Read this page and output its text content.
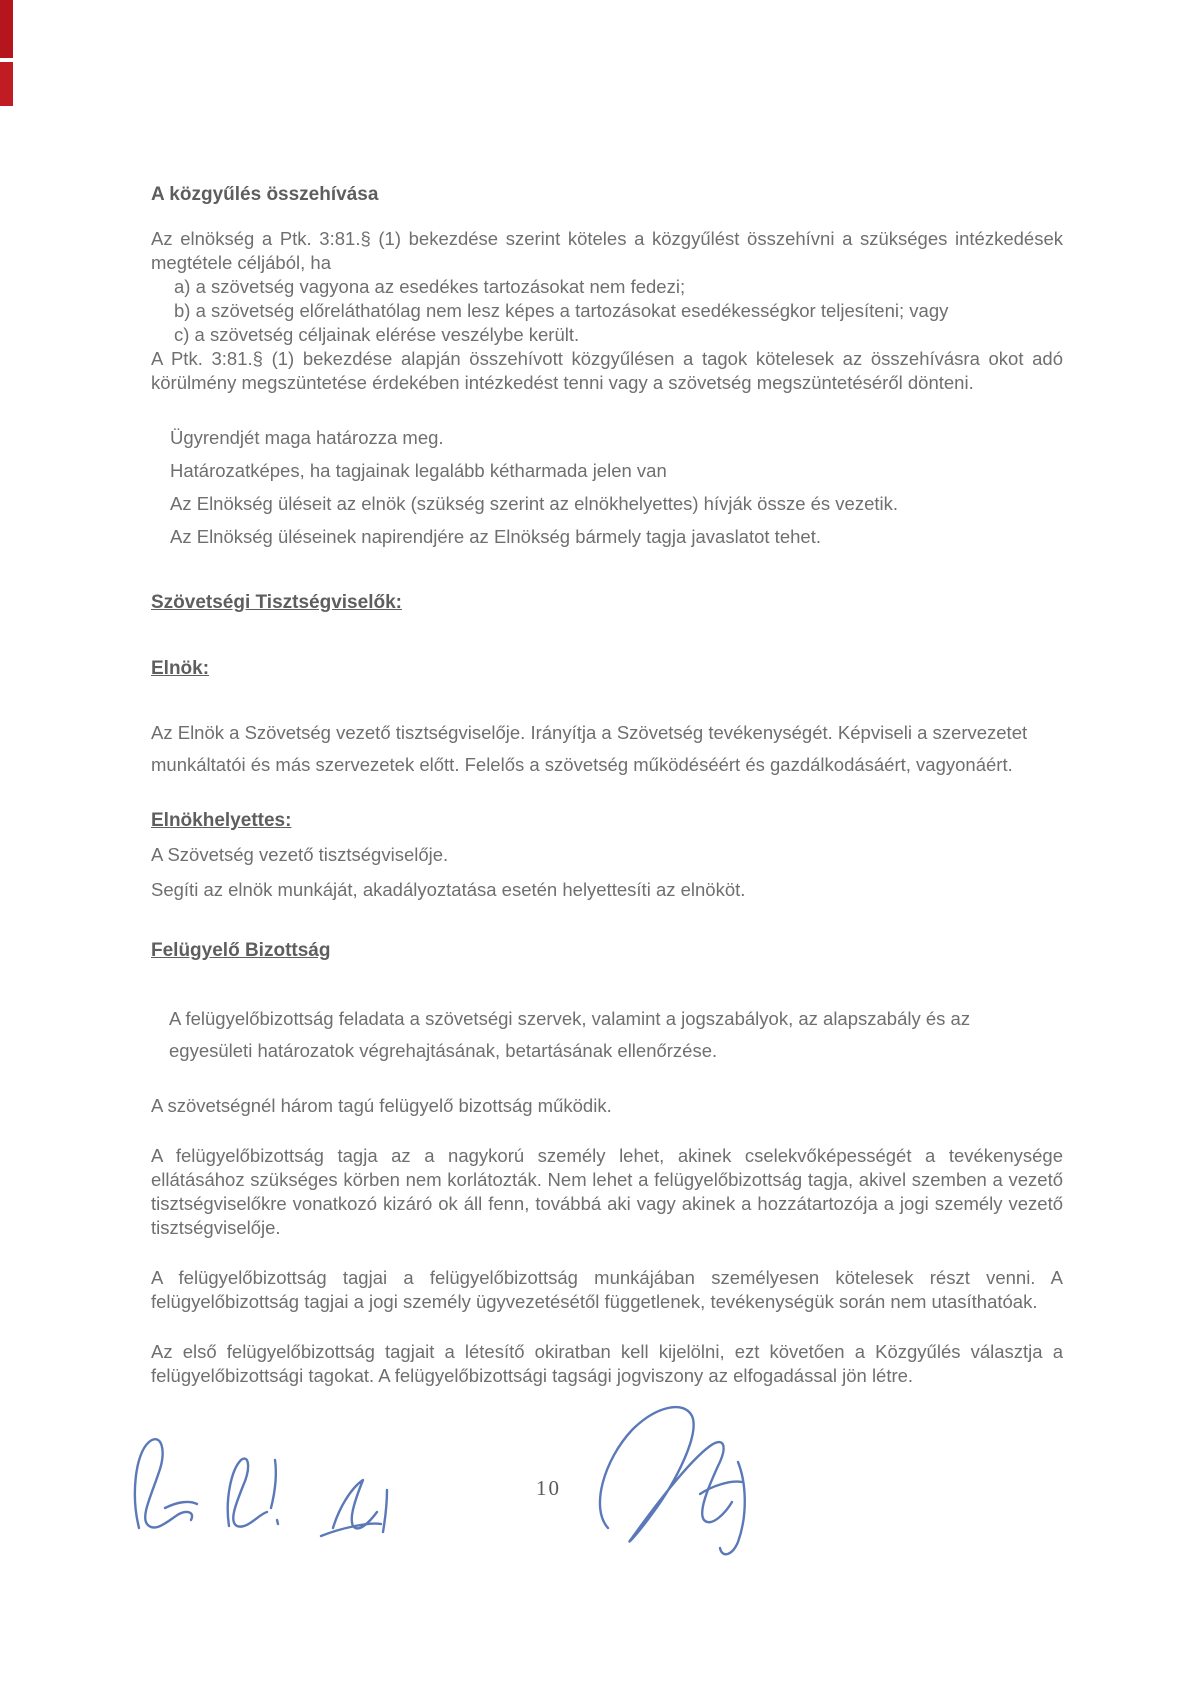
A közgyűlés összehívása

Az elnökség a Ptk. 3:81.§ (1) bekezdése szerint köteles a közgyűlést összehívni a szükséges intézkedések megtétele céljából, ha

a) a szövetség vagyona az esedékes tartozásokat nem fedezi;
b) a szövetség előreláthatólag nem lesz képes a tartozásokat esedékességkor teljesíteni; vagy
c) a szövetség céljainak elérése veszélybe került.

A Ptk. 3:81.§ (1) bekezdése alapján összehívott közgyűlésen a tagok kötelesek az összehívásra okot adó körülmény megszüntetése érdekében intézkedést tenni vagy a szövetség megszüntetéséről dönteni.

Ügyrendjét maga határozza meg.
Határozatképes, ha tagjainak legalább kétharmada jelen van
Az Elnökség üléseit az elnök (szükség szerint az elnökhelyettes) hívják össze és vezetik.
Az Elnökség üléseinek napirendjére az Elnökség bármely tagja javaslatot tehet.

Szövetségi Tisztségviselők:

Elnök:

Az Elnök a Szövetség vezető tisztségviselője. Irányítja a Szövetség tevékenységét. Képviseli a szervezetet munkáltatói és más szervezetek előtt. Felelős a szövetség működéséért és gazdálkodásáért, vagyonáért.

Elnökhelyettes:

A Szövetség vezető tisztségviselője.

Segíti az elnök munkáját, akadályoztatása esetén helyettesíti az elnököt.

Felügyelő Bizottság

A felügyelőbizottság feladata a szövetségi szervek, valamint a jogszabályok, az alapszabály és az egyesületi határozatok végrehajtásának, betartásának ellenőrzése.

A szövetségnél három tagú felügyelő bizottság működik.

A felügyelőbizottság tagja az a nagykorú személy lehet, akinek cselekvőképességét a tevékenysége ellátásához szükséges körben nem korlátozták. Nem lehet a felügyelőbizottság tagja, akivel szemben a vezető tisztségviselőkre vonatkozó kizáró ok áll fenn, továbbá aki vagy akinek a hozzátartozója a jogi személy vezető tisztségviselője.

A felügyelőbizottság tagjai a felügyelőbizottság munkájában személyesen kötelesek részt venni. A felügyelőbizottság tagjai a jogi személy ügyvezetésétől függetlenek, tevékenységük során nem utasíthatóak.

Az első felügyelőbizottság tagjait a létesítő okiratban kell kijelölni, ezt követően a Közgyűlés választja a felügyelőbizottsági tagokat. A felügyelőbizottsági tagsági jogviszony az elfogadással jön létre.

10
